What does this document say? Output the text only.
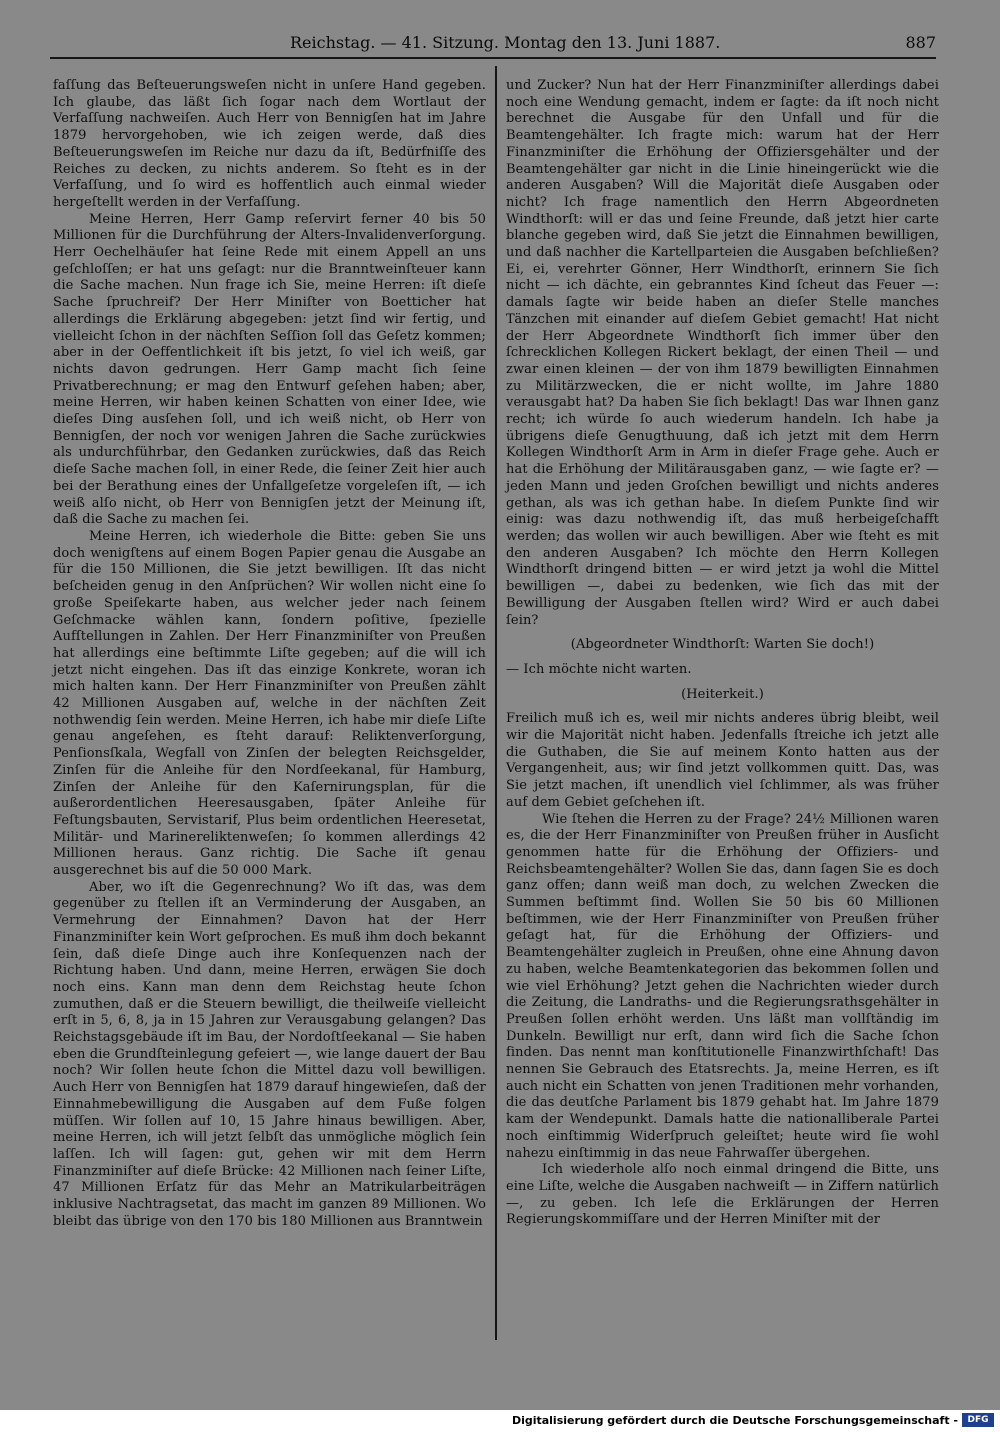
Reichstag. — 41. Sitzung. Montag den 13. Juni 1887.	887

faſſung das Beſteuerungsweſen nicht in unſere Hand gegeben. Ich glaube, das läßt ſich ſogar nach dem Wortlaut der Verfaſſung nachweiſen. Auch Herr von Bennigſen hat im Jahre 1879 hervorgehoben, wie ich zeigen werde, daß dies Beſteuerungsweſen im Reiche nur dazu da iſt, Bedürfniſſe des Reiches zu decken, zu nichts anderem. So ſteht es in der Verfaſſung, und ſo wird es hoffentlich auch einmal wieder hergeſtellt werden in der Verfaſſung.

Meine Herren, Herr Gamp reſervirt ferner 40 bis 50 Millionen für die Durchführung der Alters-Invalidenverſorgung. Herr Oechelhäuſer hat ſeine Rede mit einem Appell an uns geſchloſſen; er hat uns geſagt: nur die Branntweinſteuer kann die Sache machen. Nun frage ich Sie, meine Herren: iſt dieſe Sache ſpruchreif? Der Herr Miniſter von Boetticher hat allerdings die Erklärung abgegeben: jetzt ſind wir fertig, und vielleicht ſchon in der nächſten Seſſion ſoll das Geſetz kommen; aber in der Oeffentlichkeit iſt bis jetzt, ſo viel ich weiß, gar nichts davon gedrungen. Herr Gamp macht ſich ſeine Privatberechnung; er mag den Entwurf geſehen haben; aber, meine Herren, wir haben keinen Schatten von einer Idee, wie dieſes Ding ausſehen ſoll, und ich weiß nicht, ob Herr von Bennigſen, der noch vor wenigen Jahren die Sache zurückwies als undurchführbar, den Gedanken zurückwies, daß das Reich dieſe Sache machen ſoll, in einer Rede, die ſeiner Zeit hier auch bei der Berathung eines der Unfallgeſetze vorgeleſen iſt, — ich weiß alſo nicht, ob Herr von Bennigſen jetzt der Meinung iſt, daß die Sache zu machen ſei.

Meine Herren, ich wiederhole die Bitte: geben Sie uns doch wenigſtens auf einem Bogen Papier genau die Ausgabe an für die 150 Millionen, die Sie jetzt bewilligen. Iſt das nicht beſcheiden genug in den Anſprüchen? Wir wollen nicht eine ſo große Speiſekarte haben, aus welcher jeder nach ſeinem Geſchmacke wählen kann, ſondern poſitive, ſpezielle Aufſtellungen in Zahlen. Der Herr Finanzminiſter von Preußen hat allerdings eine beſtimmte Liſte gegeben; auf die will ich jetzt nicht eingehen. Das iſt das einzige Konkrete, woran ich mich halten kann. Der Herr Finanzminiſter von Preußen zählt 42 Millionen Ausgaben auf, welche in der nächſten Zeit nothwendig ſein werden. Meine Herren, ich habe mir dieſe Liſte genau angeſehen, es ſteht darauf: Reliktenverſorgung, Penſionsſkala, Wegfall von Zinſen der belegten Reichsgelder, Zinſen für die Anleihe für den Nordſeekanal, für Hamburg, Zinſen der Anleihe für den Kaſernirungsplan, für die außerordentlichen Heeresausgaben, ſpäter Anleihe für Feſtungsbauten, Servistarif, Plus beim ordentlichen Heeresetat, Militär- und Marinereliktenweſen; ſo kommen allerdings 42 Millionen heraus. Ganz richtig. Die Sache iſt genau ausgerechnet bis auf die 50 000 Mark.

Aber, wo iſt die Gegenrechnung? Wo iſt das, was dem gegenüber zu ſtellen iſt an Verminderung der Ausgaben, an Vermehrung der Einnahmen? Davon hat der Herr Finanzminiſter kein Wort geſprochen. Es muß ihm doch bekannt ſein, daß dieſe Dinge auch ihre Konſequenzen nach der Richtung haben. Und dann, meine Herren, erwägen Sie doch noch eins. Kann man denn dem Reichstag heute ſchon zumuthen, daß er die Steuern bewilligt, die theilweiſe vielleicht erſt in 5, 6, 8, ja in 15 Jahren zur Verausgabung gelangen? Das Reichstagsgebäude iſt im Bau, der Nordoſtſeekanal — Sie haben eben die Grundſteinlegung gefeiert —, wie lange dauert der Bau noch? Wir ſollen heute ſchon die Mittel dazu voll bewilligen. Auch Herr von Bennigſen hat 1879 darauf hingewieſen, daß der Einnahmebewilligung die Ausgaben auf dem Fuße folgen müſſen. Wir ſollen auf 10, 15 Jahre hinaus bewilligen. Aber, meine Herren, ich will jetzt ſelbſt das unmögliche möglich ſein laſſen. Ich will ſagen: gut, gehen wir mit dem Herrn Finanzminiſter auf dieſe Brücke: 42 Millionen nach ſeiner Liſte, 47 Millionen Erſatz für das Mehr an Matrikularbeiträgen inklusive Nachtragsetat, das macht im ganzen 89 Millionen. Wo bleibt das übrige von den 170 bis 180 Millionen aus Branntwein

und Zucker? Nun hat der Herr Finanzminiſter allerdings dabei noch eine Wendung gemacht, indem er ſagte: da iſt noch nicht berechnet die Ausgabe für den Unfall und für die Beamtengehälter. Ich fragte mich: warum hat der Herr Finanzminiſter die Erhöhung der Offiziersgehälter und der Beamtengehälter gar nicht in die Linie hineingerückt wie die anderen Ausgaben? Will die Majorität dieſe Ausgaben oder nicht? Ich frage namentlich den Herrn Abgeordneten Windthorſt: will er das und ſeine Freunde, daß jetzt hier carte blanche gegeben wird, daß Sie jetzt die Einnahmen bewilligen, und daß nachher die Kartellparteien die Ausgaben beſchließen? Ei, ei, verehrter Gönner, Herr Windthorſt, erinnern Sie ſich nicht — ich dächte, ein gebranntes Kind ſcheut das Feuer —: damals ſagte wir beide haben an dieſer Stelle manches Tänzchen mit einander auf dieſem Gebiet gemacht! Hat nicht der Herr Abgeordnete Windthorſt ſich immer über den ſchrecklichen Kollegen Rickert beklagt, der einen Theil — und zwar einen kleinen — der von ihm 1879 bewilligten Einnahmen zu Militärzwecken, die er nicht wollte, im Jahre 1880 verausgabt hat? Da haben Sie ſich beklagt! Das war Ihnen ganz recht; ich würde ſo auch wiederum handeln. Ich habe ja übrigens dieſe Genugthuung, daß ich jetzt mit dem Herrn Kollegen Windthorſt Arm in Arm in dieſer Frage gehe. Auch er hat die Erhöhung der Militärausgaben ganz, — wie ſagte er? — jeden Mann und jeden Groſchen bewilligt und nichts anderes gethan, als was ich gethan habe. In dieſem Punkte ſind wir einig: was dazu nothwendig iſt, das muß herbeigeſchafft werden; das wollen wir auch bewilligen. Aber wie ſteht es mit den anderen Ausgaben? Ich möchte den Herrn Kollegen Windthorſt dringend bitten — er wird jetzt ja wohl die Mittel bewilligen —, dabei zu bedenken, wie ſich das mit der Bewilligung der Ausgaben ſtellen wird? Wird er auch dabei ſein?

(Abgeordneter Windthorſt: Warten Sie doch!)

— Ich möchte nicht warten.

(Heiterkeit.)

Freilich muß ich es, weil mir nichts anderes übrig bleibt, weil wir die Majorität nicht haben. Jedenfalls ſtreiche ich jetzt alle die Guthaben, die Sie auf meinem Konto hatten aus der Vergangenheit, aus; wir ſind jetzt vollkommen quitt. Das, was Sie jetzt machen, iſt unendlich viel ſchlimmer, als was früher auf dem Gebiet geſchehen iſt.

Wie ſtehen die Herren zu der Frage? 24½ Millionen waren es, die der Herr Finanzminiſter von Preußen früher in Ausſicht genommen hatte für die Erhöhung der Offiziers- und Reichsbeamtengehälter? Wollen Sie das, dann ſagen Sie es doch ganz offen; dann weiß man doch, zu welchen Zwecken die Summen beſtimmt ſind. Wollen Sie 50 bis 60 Millionen beſtimmen, wie der Herr Finanzminiſter von Preußen früher geſagt hat, für die Erhöhung der Offiziers- und Beamtengehälter zugleich in Preußen, ohne eine Ahnung davon zu haben, welche Beamtenkategorien das bekommen ſollen und wie viel Erhöhung? Jetzt gehen die Nachrichten wieder durch die Zeitung, die Landraths- und die Regierungsrathsgehälter in Preußen ſollen erhöht werden. Uns läßt man vollſtändig im Dunkeln. Bewilligt nur erſt, dann wird ſich die Sache ſchon finden. Das nennt man konſtitutionelle Finanzwirthſchaft! Das nennen Sie Gebrauch des Etatsrechts. Ja, meine Herren, es iſt auch nicht ein Schatten von jenen Traditionen mehr vorhanden, die das deutſche Parlament bis 1879 gehabt hat. Im Jahre 1879 kam der Wendepunkt. Damals hatte die nationalliberale Partei noch einſtimmig Widerſpruch geleiſtet; heute wird ſie wohl nahezu einſtimmig in das neue Fahrwaſſer übergehen.

Ich wiederhole alſo noch einmal dringend die Bitte, uns eine Liſte, welche die Ausgaben nachweiſt — in Ziffern natürlich —, zu geben. Ich leſe die Erklärungen der Herren Regierungskommiſſare und der Herren Miniſter mit der

Digitalisierung gefördert durch die Deutsche Forschungsgemeinschaft -	DFG
